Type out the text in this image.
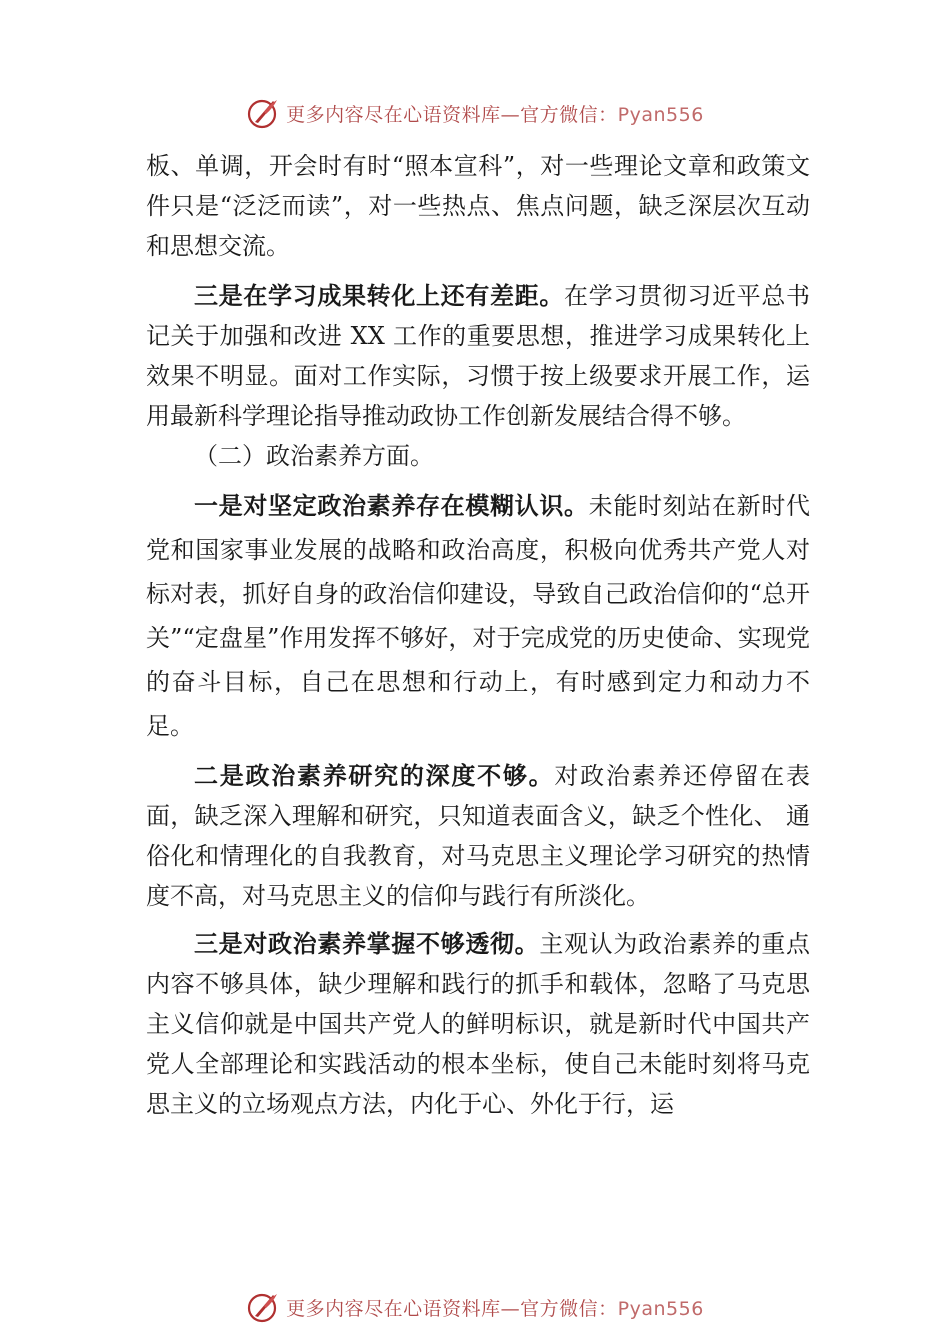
更多内容尽在心语资料库—官方微信：Pyan556

板、单调，开会时有时“照本宣科”，对一些理论文章和政策文件只是“泛泛而读”，对一些热点、焦点问题，缺乏深层次互动和思想交流。

三是在学习成果转化上还有差距。在学习贯彻习近平总书记关于加强和改进 XX 工作的重要思想，推进学习成果转化上效果不明显。面对工作实际，习惯于按上级要求开展工作，运用最新科学理论指导推动政协工作创新发展结合得不够。

（二）政治素养方面。

一是对坚定政治素养存在模糊认识。未能时刻站在新时代党和国家事业发展的战略和政治高度，积极向优秀共产党人对标对表，抓好自身的政治信仰建设，导致自己政治信仰的“总开关”“定盘星”作用发挥不够好，对于完成党的历史使命、实现党的奋斗目标，自己在思想和行动上，有时感到定力和动力不足。

二是政治素养研究的深度不够。对政治素养还停留在表面，缺乏深入理解和研究，只知道表面含义，缺乏个性化、 通俗化和情理化的自我教育，对马克思主义理论学习研究的热情度不高，对马克思主义的信仰与践行有所淡化。

三是对政治素养掌握不够透彻。主观认为政治素养的重点内容不够具体，缺少理解和践行的抓手和载体，忽略了马克思主义信仰就是中国共产党人的鲜明标识，就是新时代中国共产党人全部理论和实践活动的根本坐标，使自己未能时刻将马克思主义的立场观点方法，内化于心、外化于行，运

更多内容尽在心语资料库—官方微信：Pyan556
